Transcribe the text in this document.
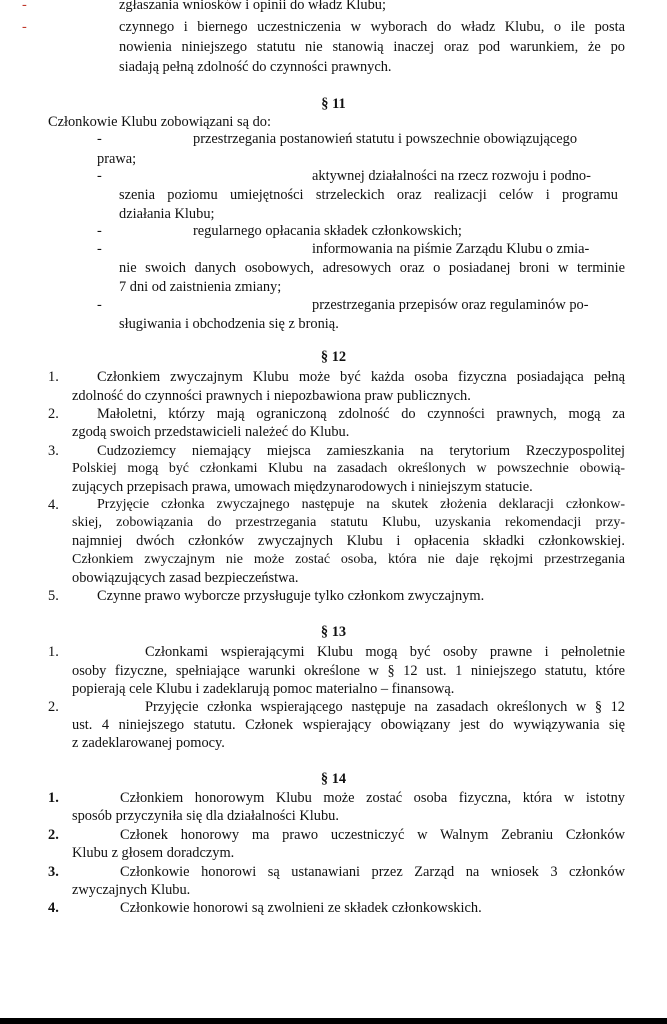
-
-
zgłaszania wniosków i opinii do władz Klubu;
czynnego i biernego uczestniczenia w wyborach do władz Klubu, o ile posta
nowienia niniejszego statutu nie stanowią inaczej oraz pod warunkiem, że po
siadają pełną zdolność do czynności prawnych.
§ 11
Członkowie Klubu zobowiązani są do:
-	przestrzegania postanowień statutu i powszechnie obowiązującego
prawa;
-	aktywnej działalności na rzecz rozwoju i podno-
szenia poziomu umiejętności strzeleckich oraz realizacji celów i programu
działania Klubu;
-	regularnego opłacania składek członkowskich;
-	informowania na piśmie Zarządu Klubu o zmia-
nie swoich danych osobowych, adresowych oraz o posiadanej broni w terminie
7 dni od zaistnienia zmiany;
-	przestrzegania przepisów oraz regulaminów po-
sługiwania i obchodzenia się z bronią.
§ 12
1.	Członkiem zwyczajnym Klubu może być każda osoba fizyczna posiadająca pełną
zdolność do czynności prawnych i niepozbawiona praw publicznych.
2.	Małoletni, którzy mają ograniczoną zdolność do czynności prawnych, mogą za
zgodą swoich przedstawicieli należeć do Klubu.
3.	Cudzoziemcy niemający miejsca zamieszkania na terytorium Rzeczypospolitej
Polskiej mogą być członkami Klubu na zasadach określonych w powszechnie obowią-
zujących przepisach prawa, umowach międzynarodowych i niniejszym statucie.
4.	Przyjęcie członka zwyczajnego następuje na skutek złożenia deklaracji członkow-
skiej, zobowiązania do przestrzegania statutu Klubu, uzyskania rekomendacji przy-
najmniej dwóch członków zwyczajnych Klubu i opłacenia składki członkowskiej.
Członkiem zwyczajnym nie może zostać osoba, która nie daje rękojmi przestrzegania
obowiązujących zasad bezpieczeństwa.
5.	Czynne prawo wyborcze przysługuje tylko członkom zwyczajnym.
§ 13
1.	Członkami wspierającymi Klubu mogą być osoby prawne i pełnoletnie
osoby fizyczne, spełniające warunki określone w § 12 ust. 1 niniejszego statutu, które
popierają cele Klubu i zadeklarują pomoc materialno – finansową.
2.	Przyjęcie członka wspierającego następuje na zasadach określonych w § 12
ust. 4 niniejszego statutu. Członek wspierający obowiązany jest do wywiązywania się
z zadeklarowanej pomocy.
§ 14
1.	Członkiem honorowym Klubu może zostać osoba fizyczna, która w istotny
sposób przyczyniła się dla działalności Klubu.
2.	Członek honorowy ma prawo uczestniczyć w Walnym Zebraniu Członków
Klubu z głosem doradczym.
3.	Członkowie honorowi są ustanawiani przez Zarząd na wniosek 3 członków
zwyczajnych Klubu.
4.	Członkowie honorowi są zwolnieni ze składek członkowskich.
